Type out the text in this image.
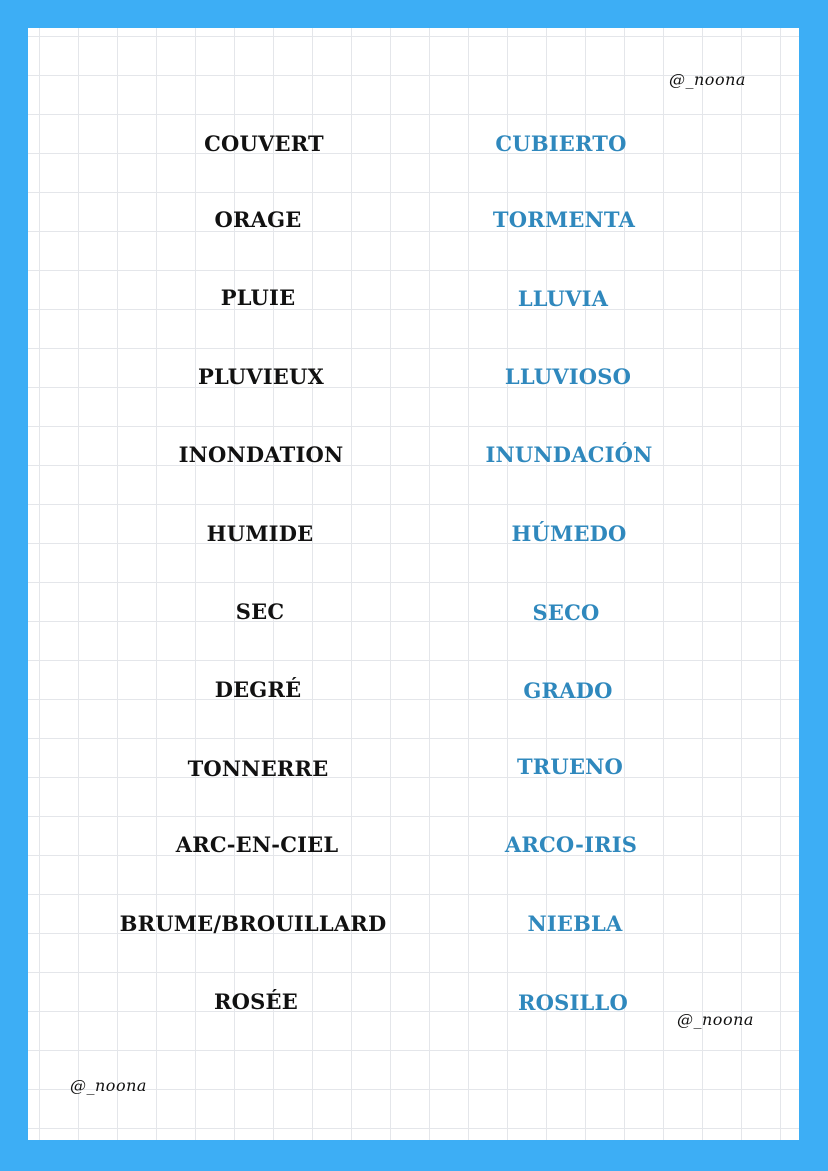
@_noona
COUVERT	CUBIERTO
ORAGE	TORMENTA
PLUIE	LLUVIA
PLUVIEUX	LLUVIOSO
INONDATION	INUNDACIÓN
HUMIDE	HÚMEDO
SEC	SECO
DEGRÉ	GRADO
TONNERRE	TRUENO
ARC-EN-CIEL	ARCO-IRIS
BRUME/BROUILLARD	NIEBLA
ROSÉE	ROSILLO
@_noona
@_noona
